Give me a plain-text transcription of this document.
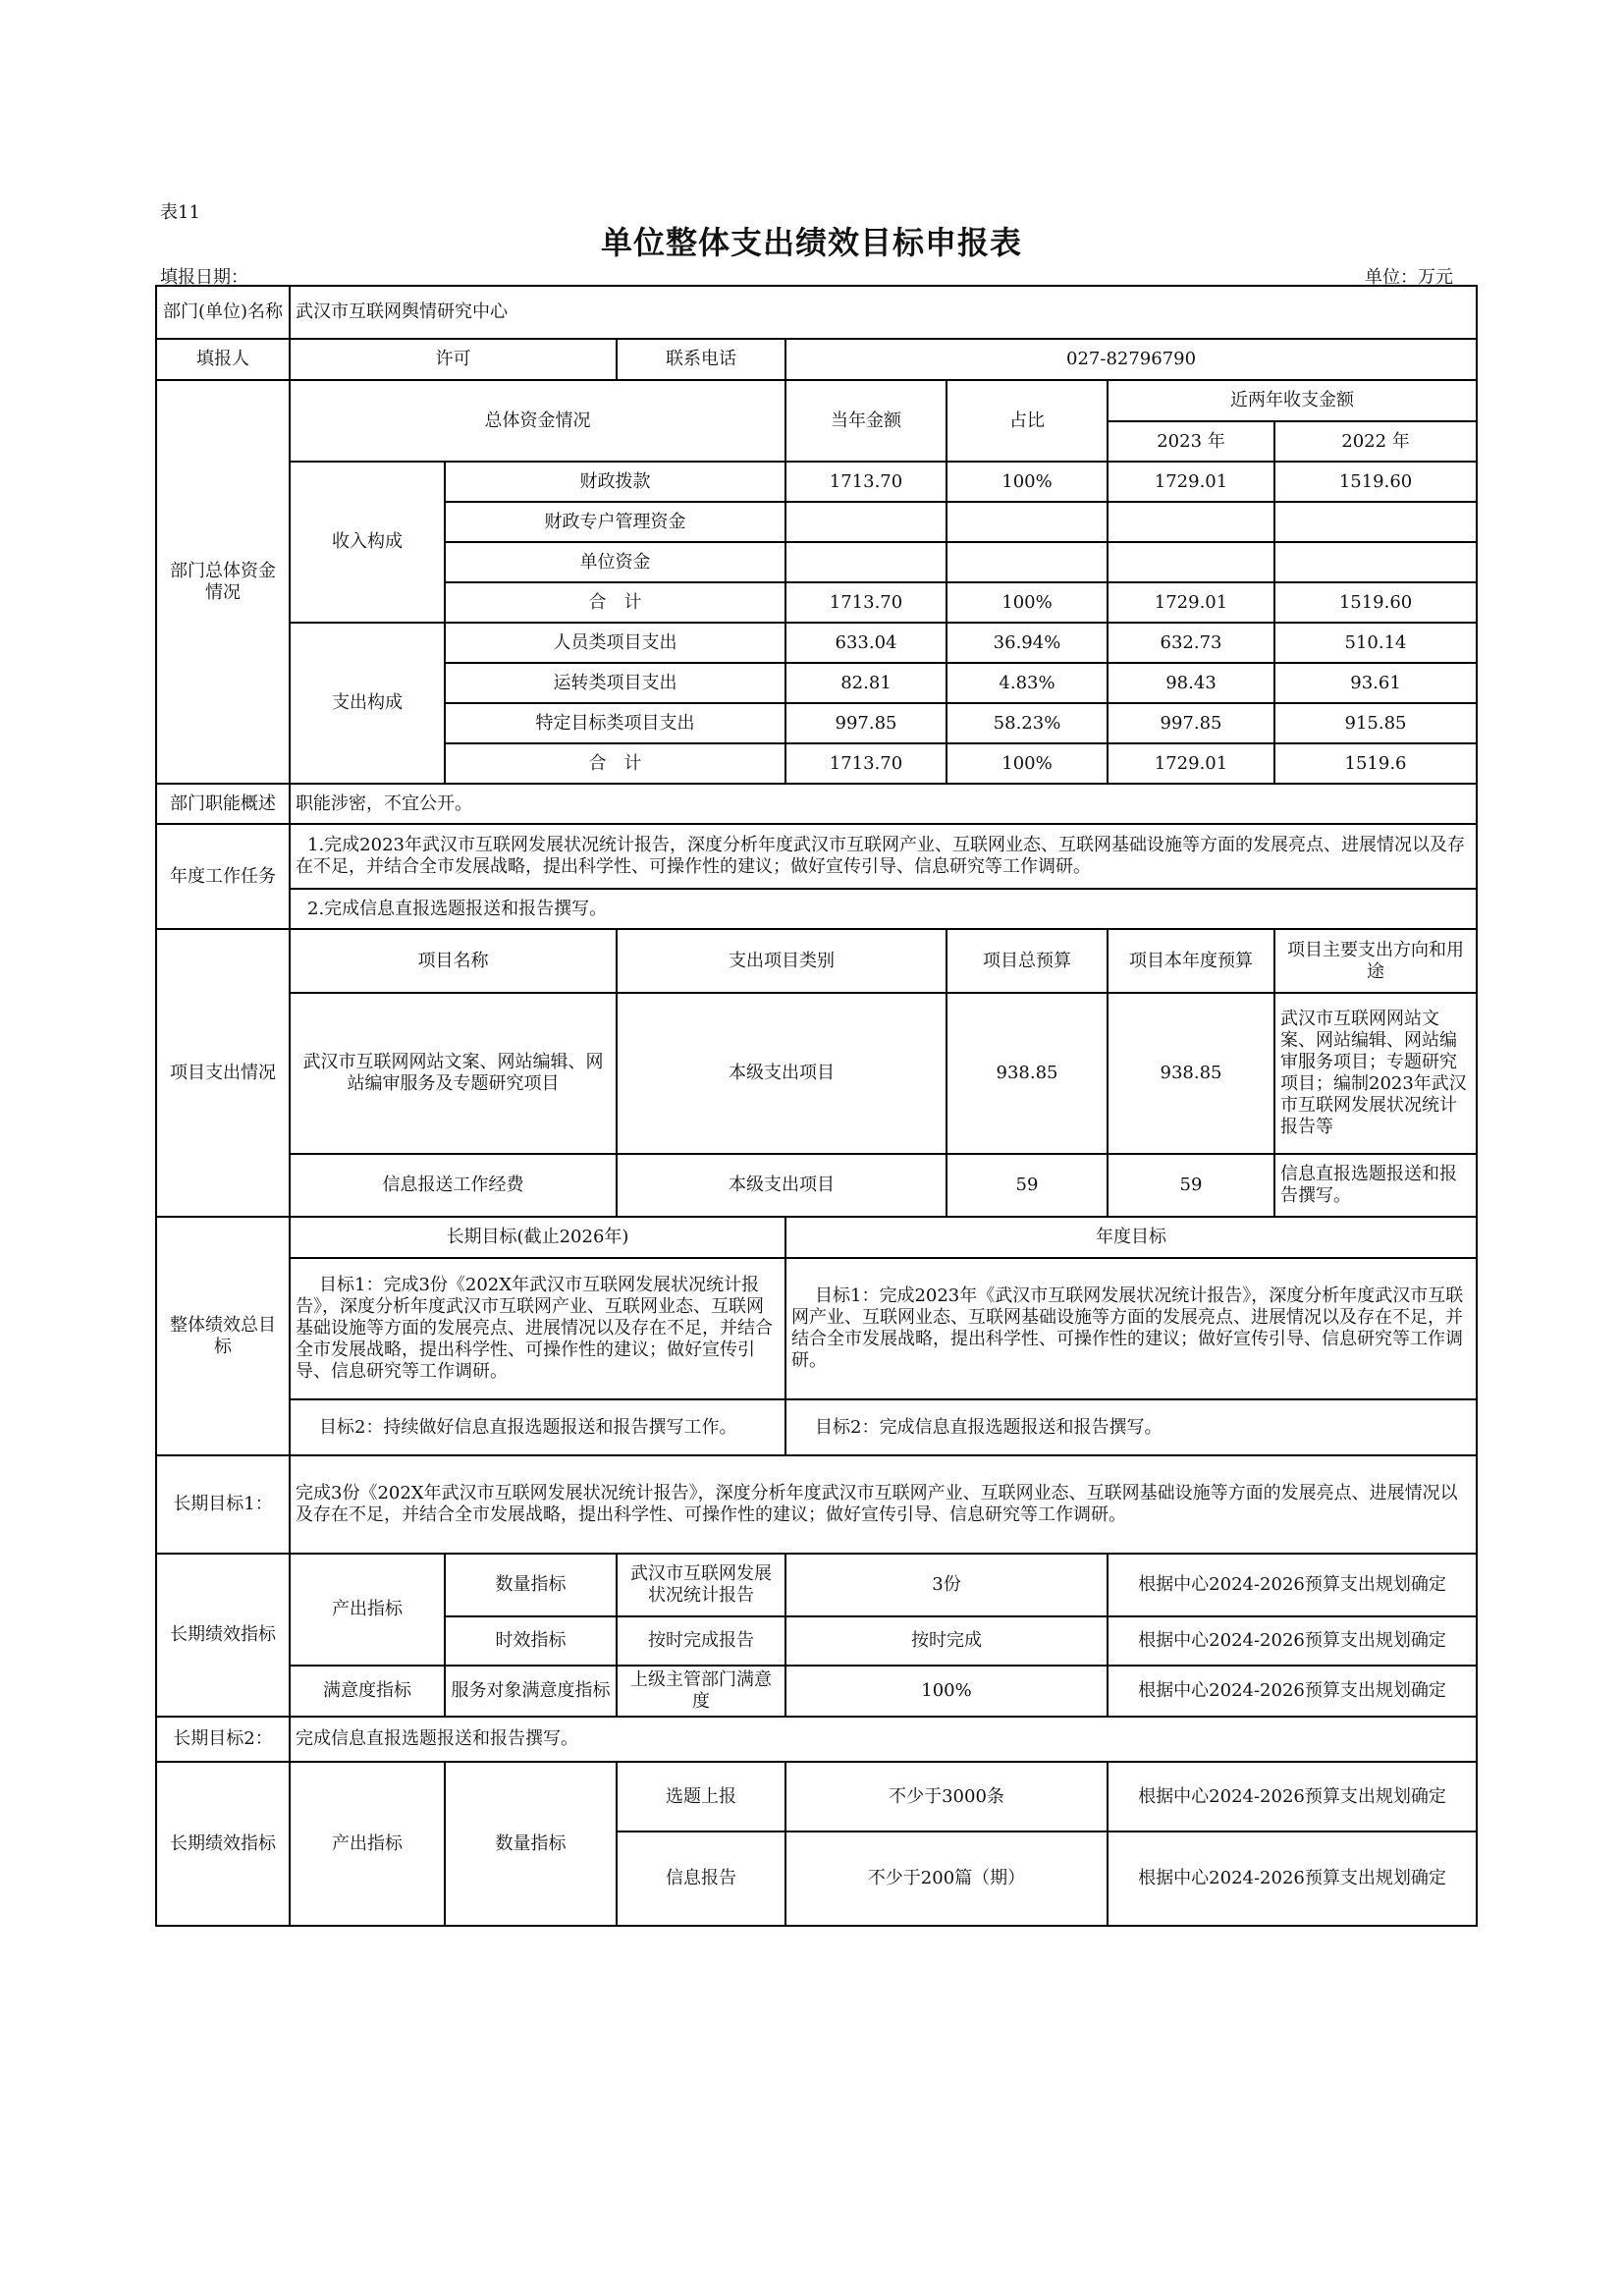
表11
单位整体支出绩效目标申报表
填报日期：	单位：万元
部门(单位)名称	武汉市互联网舆情研究中心						
填报人	许可		联系电话	027-82796790			
部门总体资金情况	总体资金情况			当年金额	占比	近两年收支金额	
						2023 年	2022 年
	收入构成	财政拨款		1713.70	100%	1729.01	1519.60
		财政专户管理资金					
		单位资金					
		合　计		1713.70	100%	1729.01	1519.60
	支出构成	人员类项目支出		633.04	36.94%	632.73	510.14
		运转类项目支出		82.81	4.83%	98.43	93.61
		特定目标类项目支出		997.85	58.23%	997.85	915.85
		合　计		1713.70	100%	1729.01	1519.6
部门职能概述	职能涉密，不宜公开。						
年度工作任务	1.完成2023年武汉市互联网发展状况统计报告，深度分析年度武汉市互联网产业、互联网业态、互联网基础设施等方面的发展亮点、进展情况以及存在不足，并结合全市发展战略，提出科学性、可操作性的建议；做好宣传引导、信息研究等工作调研。						
	2.完成信息直报选题报送和报告撰写。						
项目支出情况	项目名称		支出项目类别		项目总预算	项目本年度预算	项目主要支出方向和用途
	武汉市互联网网站文案、网站编辑、网站编审服务及专题研究项目		本级支出项目		938.85	938.85	武汉市互联网网站文案、网站编辑、网站编审服务项目；专题研究项目；编制2023年武汉市互联网发展状况统计报告等
	信息报送工作经费		本级支出项目		59	59	信息直报选题报送和报告撰写。
整体绩效总目标	长期目标(截止2026年)			年度目标			
	目标1：完成3份《202X年武汉市互联网发展状况统计报告》，深度分析年度武汉市互联网产业、互联网业态、互联网基础设施等方面的发展亮点、进展情况以及存在不足，并结合全市发展战略，提出科学性、可操作性的建议；做好宣传引导、信息研究等工作调研。			目标1：完成2023年《武汉市互联网发展状况统计报告》，深度分析年度武汉市互联网产业、互联网业态、互联网基础设施等方面的发展亮点、进展情况以及存在不足，并结合全市发展战略，提出科学性、可操作性的建议；做好宣传引导、信息研究等工作调研。			
	目标2：持续做好信息直报选题报送和报告撰写工作。			目标2：完成信息直报选题报送和报告撰写。			
长期目标1：	完成3份《202X年武汉市互联网发展状况统计报告》，深度分析年度武汉市互联网产业、互联网业态、互联网基础设施等方面的发展亮点、进展情况以及存在不足，并结合全市发展战略，提出科学性、可操作性的建议；做好宣传引导、信息研究等工作调研。						
长期绩效指标	产出指标	数量指标	武汉市互联网发展状况统计报告	3份		根据中心2024-2026预算支出规划确定	
		时效指标	按时完成报告	按时完成		根据中心2024-2026预算支出规划确定	
	满意度指标	服务对象满意度指标	上级主管部门满意度	100%		根据中心2024-2026预算支出规划确定	
长期目标2：	完成信息直报选题报送和报告撰写。						
长期绩效指标	产出指标	数量指标	选题上报	不少于3000条		根据中心2024-2026预算支出规划确定	
			信息报告	不少于200篇（期）		根据中心2024-2026预算支出规划确定	
